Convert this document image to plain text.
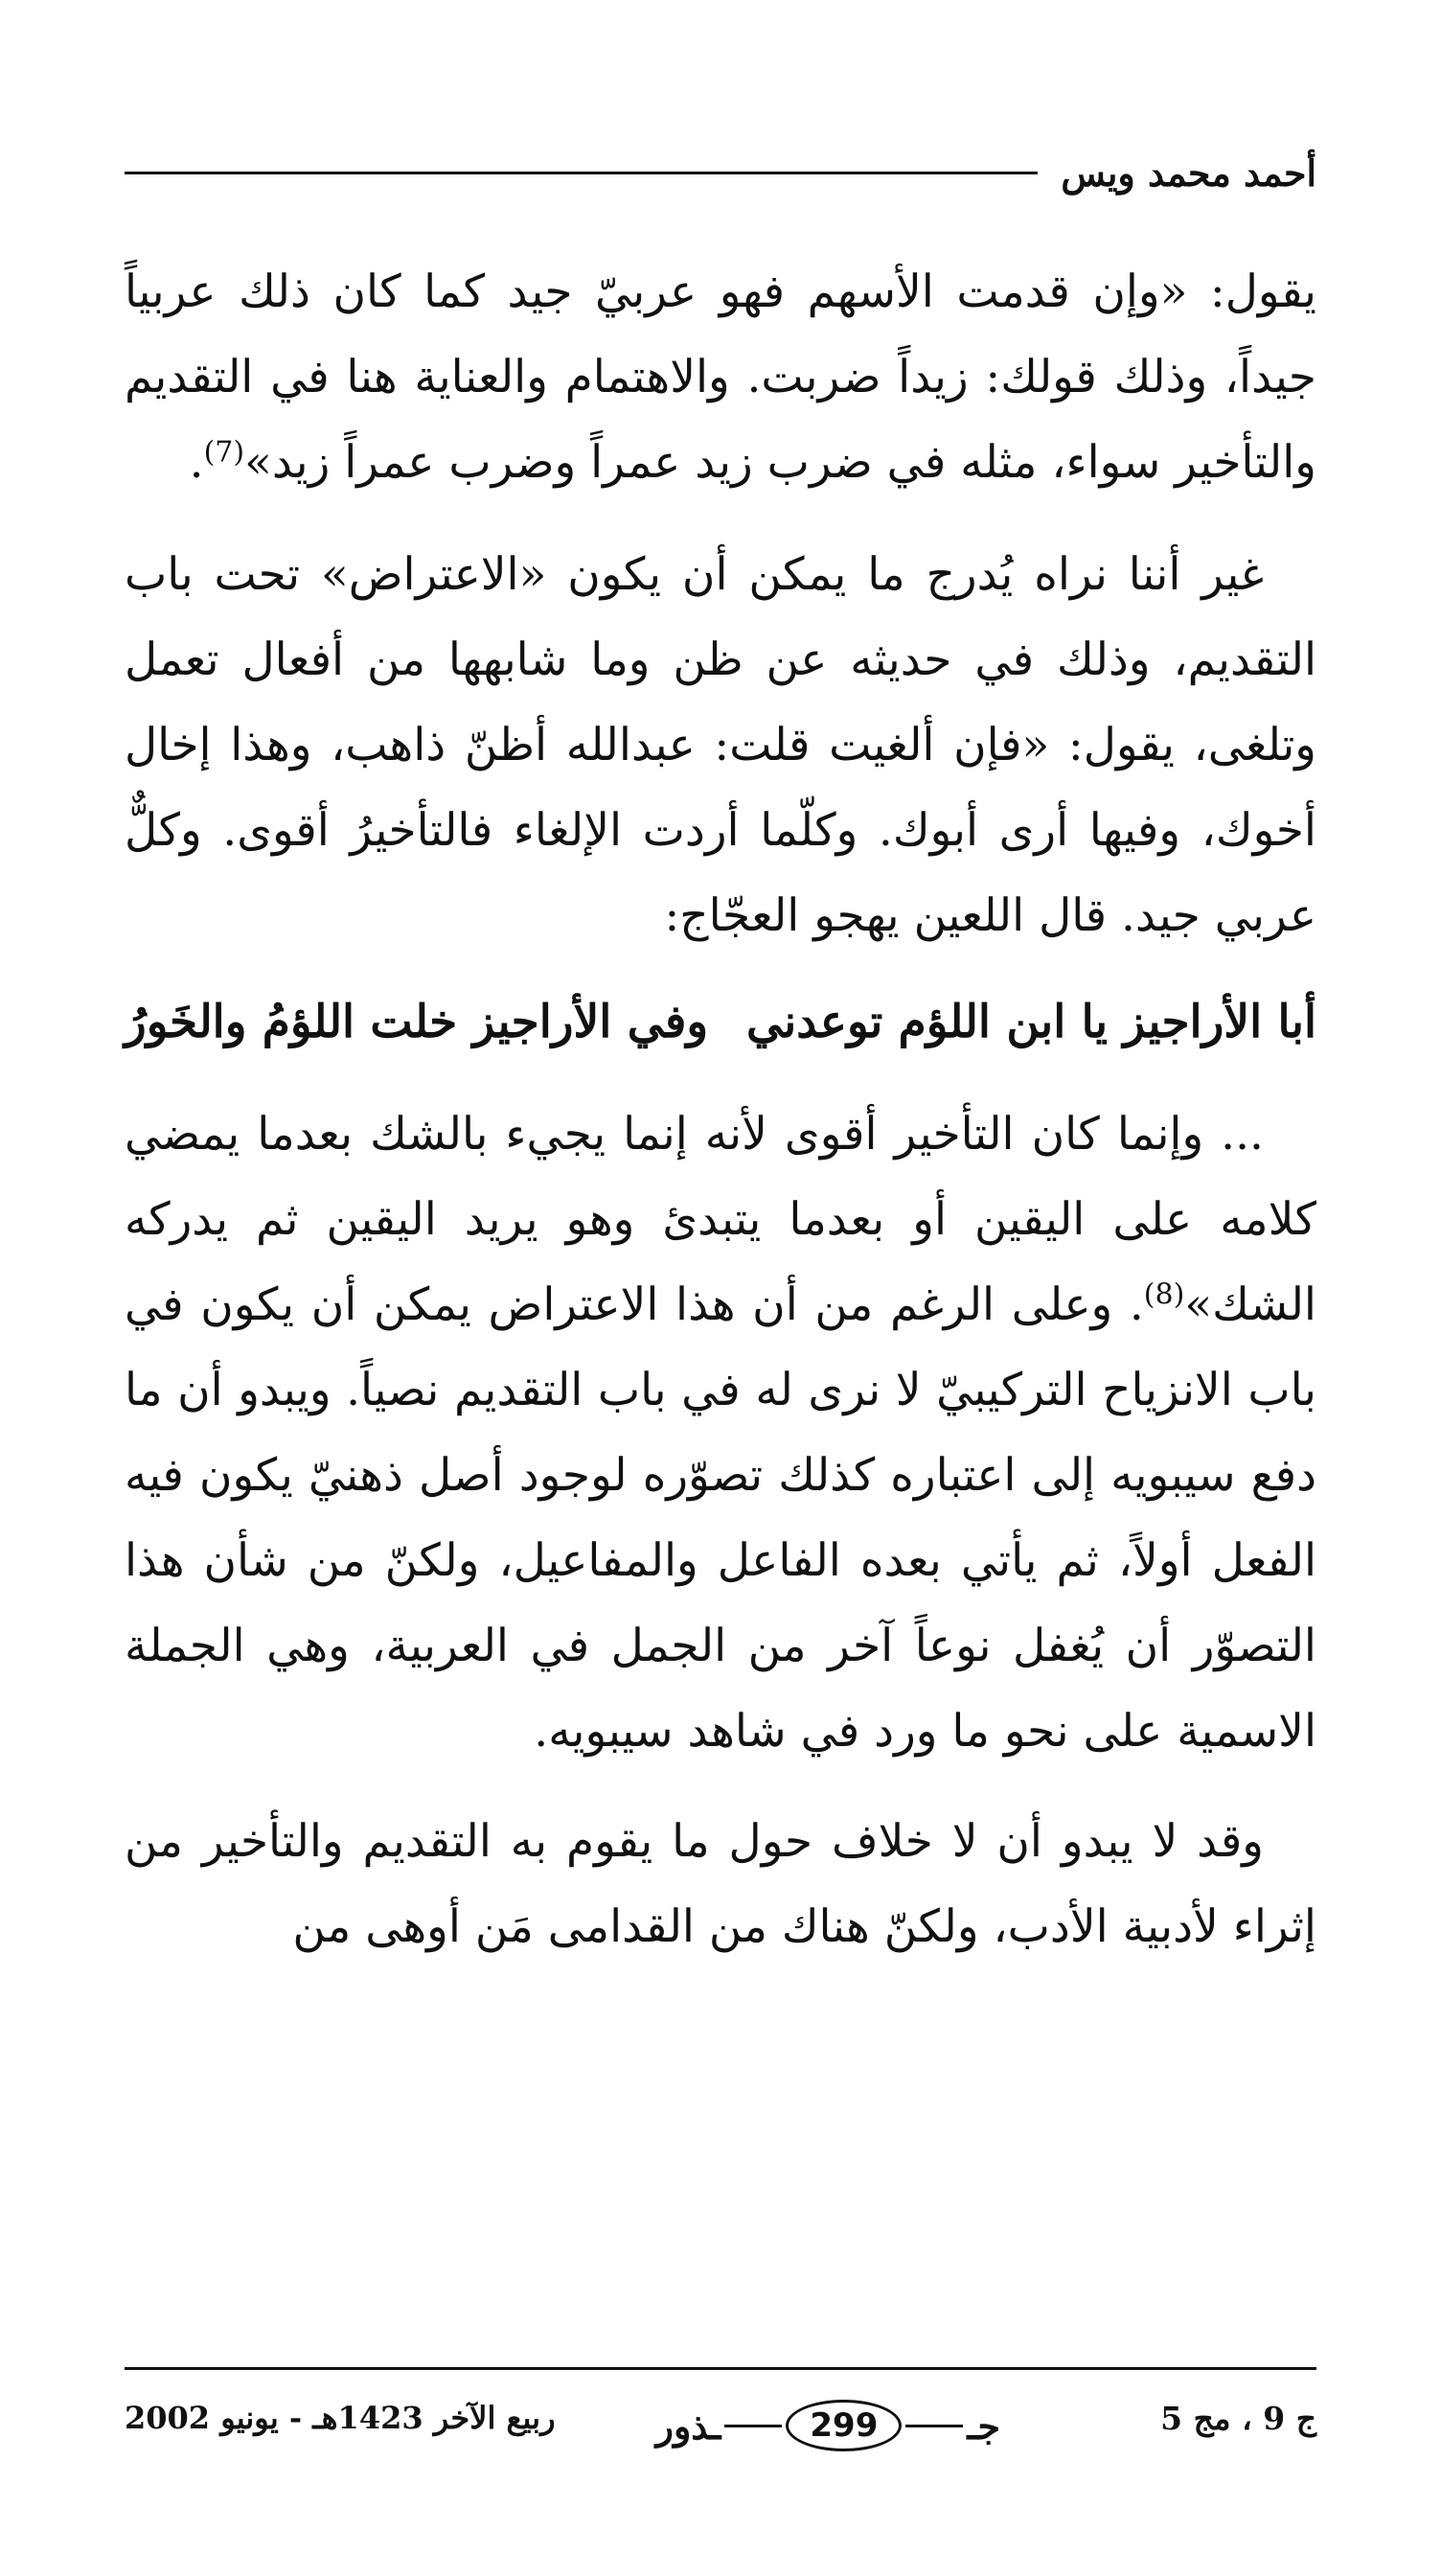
أحمد محمد ويس

يقول: «وإن قدمت الأسهم فهو عربيّ جيد كما كان ذلك عربياً جيداً، وذلك قولك: زيداً ضربت. والاهتمام والعناية هنا في التقديم والتأخير سواء، مثله في ضرب زيد عمراً وضرب عمراً زيد»$^{(7)}$.

غير أننا نراه يُدرج ما يمكن أن يكون «الاعتراض» تحت باب التقديم، وذلك في حديثه عن ظن وما شابهها من أفعال تعمل وتلغى، يقول: «فإن ألغيت قلت: عبدالله أظنّ ذاهب، وهذا إخال أخوك، وفيها أرى أبوك. وكلّما أردت الإلغاء فالتأخيرُ أقوى. وكلٌّ عربي جيد. قال اللعين يهجو العجّاج:

أبا الأراجيز يا ابن اللؤم توعدني
وفي الأراجيز خلت اللؤمُ والخَورُ

... وإنما كان التأخير أقوى لأنه إنما يجيء بالشك بعدما يمضي كلامه على اليقين أو بعدما يتبدئ وهو يريد اليقين ثم يدركه الشك»$^{(8)}$. وعلى الرغم من أن هذا الاعتراض يمكن أن يكون في باب الانزياح التركيبيّ لا نرى له في باب التقديم نصياً. ويبدو أن ما دفع سيبويه إلى اعتباره كذلك تصوّره لوجود أصل ذهنيّ يكون فيه الفعل أولاً، ثم يأتي بعده الفاعل والمفاعيل، ولكنّ من شأن هذا التصوّر أن يُغفل نوعاً آخر من الجمل في العربية، وهي الجملة الاسمية على نحو ما ورد في شاهد سيبويه.

وقد لا يبدو أن لا خلاف حول ما يقوم به التقديم والتأخير من إثراء لأدبية الأدب، ولكنّ هناك من القدامى مَن أوهى من

ج 9 ، مج 5
جـ
299
ـذور
ربيع الآخر 1423هـ - يونيو 2002
